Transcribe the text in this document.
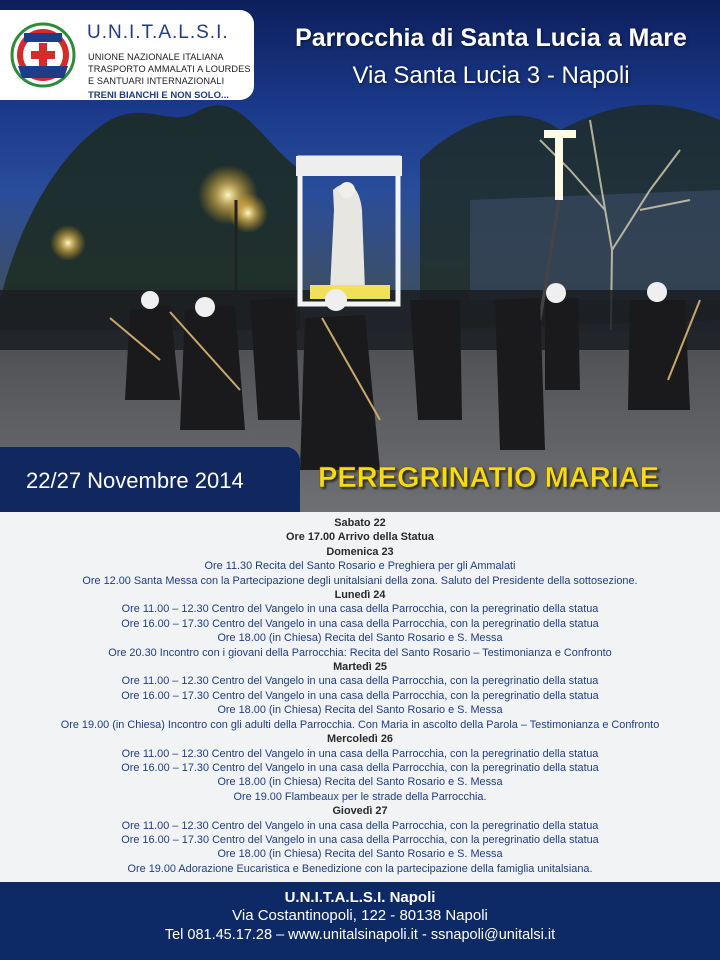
U.N.I.T.A.L.S.I.
UNIONE NAZIONALE ITALIANA
TRASPORTO AMMALATI A LOURDES
E SANTUARI INTERNAZIONALI
TRENI BIANCHI E NON SOLO...
Parrocchia di Santa Lucia a Mare
Via Santa Lucia 3 - Napoli
22/27 Novembre 2014	PEREGRINATIO MARIAE
Sabato 22
Ore 17.00 Arrivo della Statua
Domenica 23
Ore 11.30 Recita del Santo Rosario e Preghiera per gli Ammalati
Ore 12.00 Santa Messa con la Partecipazione degli unitalsiani della zona. Saluto del Presidente della sottosezione.
Lunedì 24
Ore 11.00 – 12.30 Centro del Vangelo in una casa della Parrocchia, con la peregrinatio della statua
Ore 16.00 – 17.30 Centro del Vangelo in una casa della Parrocchia, con la peregrinatio della statua
Ore 18.00 (in Chiesa) Recita del Santo Rosario e S. Messa
Ore 20.30 Incontro con i giovani della Parrocchia: Recita del Santo Rosario – Testimonianza e Confronto
Martedì 25
Ore 11.00 – 12.30 Centro del Vangelo in una casa della Parrocchia, con la peregrinatio della statua
Ore 16.00 – 17.30 Centro del Vangelo in una casa della Parrocchia, con la peregrinatio della statua
Ore 18.00 (in Chiesa) Recita del Santo Rosario e S. Messa
Ore 19.00 (in Chiesa) Incontro con gli adulti della Parrocchia. Con Maria in ascolto della Parola – Testimonianza e Confronto
Mercoledì 26
Ore 11.00 – 12.30 Centro del Vangelo in una casa della Parrocchia, con la peregrinatio della statua
Ore 16.00 – 17.30 Centro del Vangelo in una casa della Parrocchia, con la peregrinatio della statua
Ore 18.00 (in Chiesa) Recita del Santo Rosario e S. Messa
Ore 19.00 Flambeaux per le strade della Parrocchia.
Giovedì 27
Ore 11.00 – 12.30 Centro del Vangelo in una casa della Parrocchia, con la peregrinatio della statua
Ore 16.00 – 17.30 Centro del Vangelo in una casa della Parrocchia, con la peregrinatio della statua
Ore 18.00 (in Chiesa) Recita del Santo Rosario e S. Messa
Ore 19.00 Adorazione Eucaristica e Benedizione con la partecipazione della famiglia unitalsiana.
U.N.I.T.A.L.S.I. Napoli
Via Costantinopoli, 122 - 80138 Napoli
Tel 081.45.17.28 – www.unitalsinapoli.it - ssnapoli@unitalsi.it
